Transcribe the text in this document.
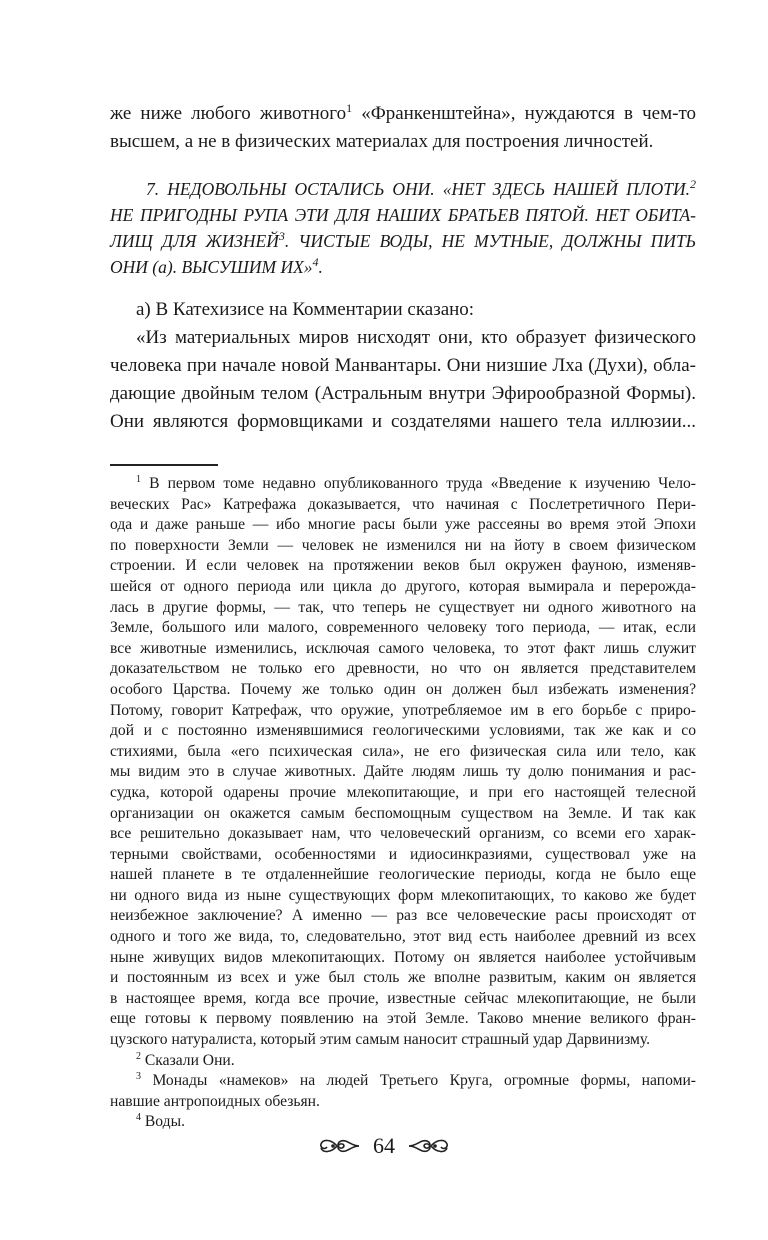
же ниже любого животного$^1$ «Франкенштейна», нуждаются в чем-то
высшем, а не в физических материалах для построения личностей.
7. НЕДОВОЛЬНЫ ОСТАЛИСЬ ОНИ. «НЕТ ЗДЕСЬ НАШЕЙ ПЛОТИ.$^2$
НЕ ПРИГОДНЫ РУПА ЭТИ ДЛЯ НАШИХ БРАТЬЕВ ПЯТОЙ. НЕТ ОБИТА-
ЛИЩ ДЛЯ ЖИЗНЕЙ$^3$. ЧИСТЫЕ ВОДЫ, НЕ МУТНЫЕ, ДОЛЖНЫ ПИТЬ
ОНИ (а). ВЫСУШИМ ИХ»$^4$.
а) В Катехизисе на Комментарии сказано:
«Из материальных миров нисходят они, кто образует физического
человека при начале новой Манвантары. Они низшие Лха (Духи), обла-
дающие двойным телом (Астральным внутри Эфирообразной Формы).
Они являются формовщиками и создателями нашего тела иллюзии...
$^1$ В первом томе недавно опубликованного труда «Введение к изучению Чело-
веческих Рас» Катрефажа доказывается, что начиная с Послетретичного Пери-
ода и даже раньше — ибо многие расы были уже рассеяны во время этой Эпохи
по поверхности Земли — человек не изменился ни на йоту в своем физическом
строении. И если человек на протяжении веков был окружен фауною, изменяв-
шейся от одного периода или цикла до другого, которая вымирала и перерожда-
лась в другие формы, — так, что теперь не существует ни одного животного на
Земле, большого или малого, современного человеку того периода, — итак, если
все животные изменились, исключая самого человека, то этот факт лишь служит
доказательством не только его древности, но что он является представителем
особого Царства. Почему же только один он должен был избежать изменения?
Потому, говорит Катрефаж, что оружие, употребляемое им в его борьбе с приро-
дой и с постоянно изменявшимися геологическими условиями, так же как и со
стихиями, была «его психическая сила», не его физическая сила или тело, как
мы видим это в случае животных. Дайте людям лишь ту долю понимания и рас-
судка, которой одарены прочие млекопитающие, и при его настоящей телесной
организации он окажется самым беспомощным существом на Земле. И так как
все решительно доказывает нам, что человеческий организм, со всеми его харак-
терными свойствами, особенностями и идиосинкразиями, существовал уже на
нашей планете в те отдаленнейшие геологические периоды, когда не было еще
ни одного вида из ныне существующих форм млекопитающих, то каково же будет
неизбежное заключение? А именно — раз все человеческие расы происходят от
одного и того же вида, то, следовательно, этот вид есть наиболее древний из всех
ныне живущих видов млекопитающих. Потому он является наиболее устойчивым
и постоянным из всех и уже был столь же вполне развитым, каким он является
в настоящее время, когда все прочие, известные сейчас млекопитающие, не были
еще готовы к первому появлению на этой Земле. Таково мнение великого фран-
цузского натуралиста, который этим самым наносит страшный удар Дарвинизму.
$^2$ Сказали Они.
$^3$ Монады «намеков» на людей Третьего Круга, огромные формы, напоми-
навшие антропоидных обезьян.
$^4$ Воды.
64
